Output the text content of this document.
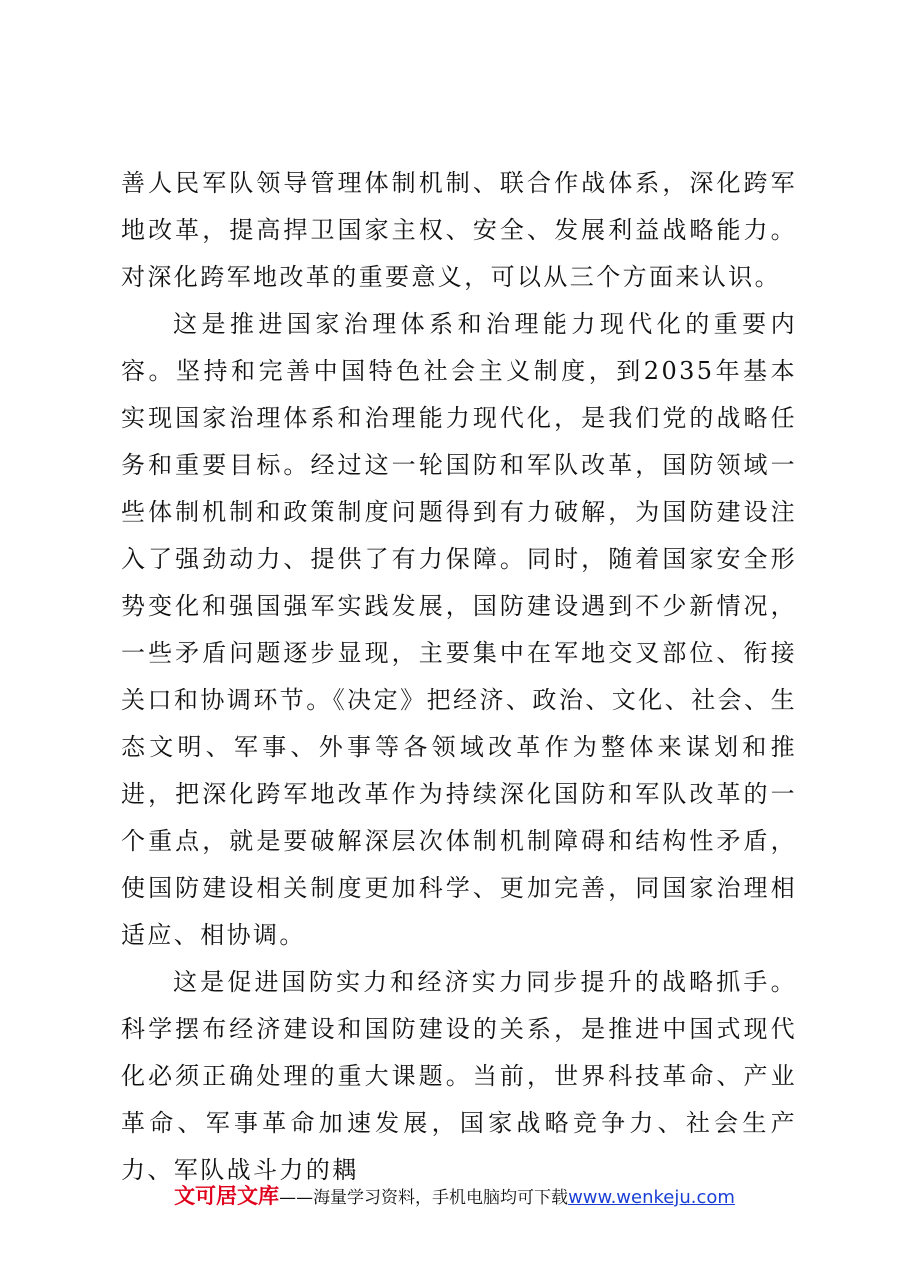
善人民军队领导管理体制机制、联合作战体系，深化跨军地改革，提高捍卫国家主权、安全、发展利益战略能力。对深化跨军地改革的重要意义，可以从三个方面来认识。

这是推进国家治理体系和治理能力现代化的重要内容。坚持和完善中国特色社会主义制度，到2035年基本实现国家治理体系和治理能力现代化，是我们党的战略任务和重要目标。经过这一轮国防和军队改革，国防领域一些体制机制和政策制度问题得到有力破解，为国防建设注入了强劲动力、提供了有力保障。同时，随着国家安全形势变化和强国强军实践发展，国防建设遇到不少新情况，一些矛盾问题逐步显现，主要集中在军地交叉部位、衔接关口和协调环节。《决定》把经济、政治、文化、社会、生态文明、军事、外事等各领域改革作为整体来谋划和推进，把深化跨军地改革作为持续深化国防和军队改革的一个重点，就是要破解深层次体制机制障碍和结构性矛盾，使国防建设相关制度更加科学、更加完善，同国家治理相适应、相协调。

这是促进国防实力和经济实力同步提升的战略抓手。科学摆布经济建设和国防建设的关系，是推进中国式现代化必须正确处理的重大课题。当前，世界科技革命、产业革命、军事革命加速发展，国家战略竞争力、社会生产力、军队战斗力的耦

文可居文库——海量学习资料，手机电脑均可下载www.wenkeju.com
